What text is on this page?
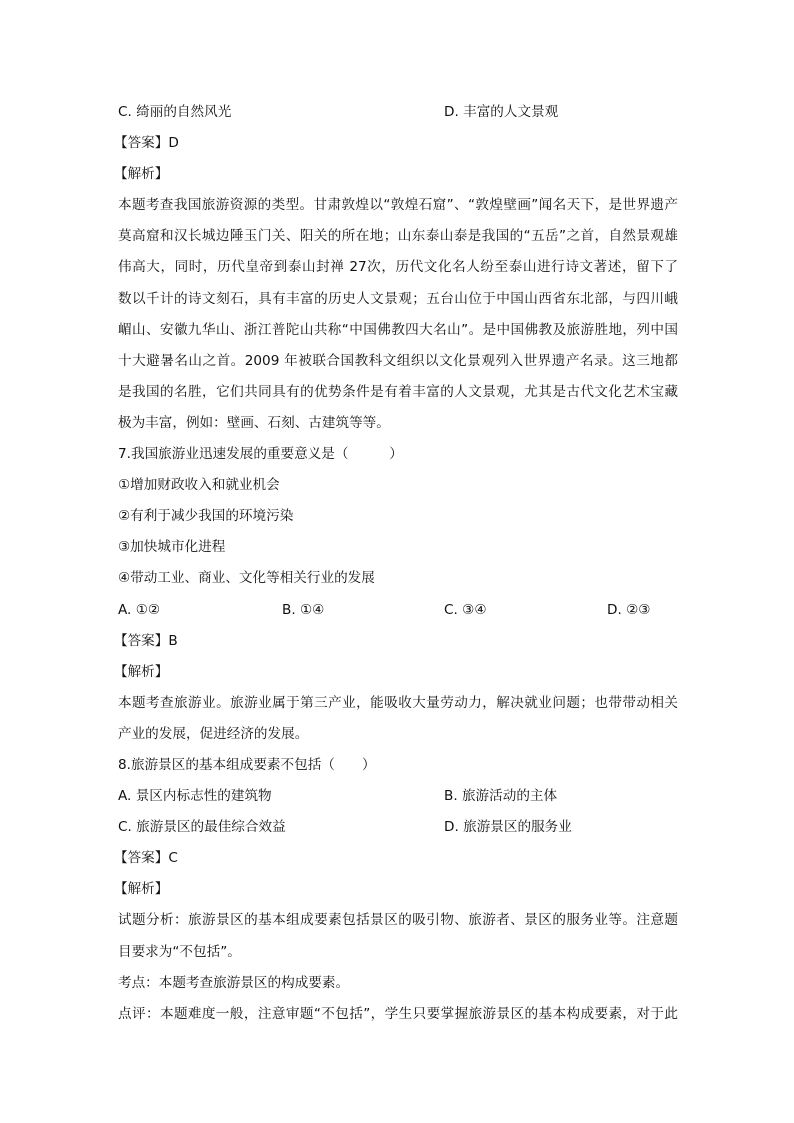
C. 绮丽的自然风光	D. 丰富的人文景观
【答案】D
【解析】
本题考查我国旅游资源的类型。甘肃敦煌以“敦煌石窟”、“敦煌壁画”闻名天下，是世界遗产
莫高窟和汉长城边陲玉门关、阳关的所在地；山东泰山泰是我国的“五岳”之首，自然景观雄
伟高大，同时，历代皇帝到泰山封禅 27次，历代文化名人纷至泰山进行诗文著述，留下了
数以千计的诗文刻石，具有丰富的历史人文景观；五台山位于中国山西省东北部，与四川峨
嵋山、安徽九华山、浙江普陀山共称“中国佛教四大名山”。是中国佛教及旅游胜地，列中国
十大避暑名山之首。2009 年被联合国教科文组织以文化景观列入世界遗产名录。这三地都
是我国的名胜，它们共同具有的优势条件是有着丰富的人文景观，尤其是古代文化艺术宝藏
极为丰富，例如：壁画、石刻、古建筑等等。
7.我国旅游业迅速发展的重要意义是（　　　）
①增加财政收入和就业机会
②有利于减少我国的环境污染
③加快城市化进程
④带动工业、商业、文化等相关行业的发展
A. ①②	B. ①④	C. ③④	D. ②③
【答案】B
【解析】
本题考查旅游业。旅游业属于第三产业，能吸收大量劳动力，解决就业问题；也带带动相关
产业的发展，促进经济的发展。
8.旅游景区的基本组成要素不包括（　　）
A. 景区内标志性的建筑物	B. 旅游活动的主体
C. 旅游景区的最佳综合效益	D. 旅游景区的服务业
【答案】C
【解析】
试题分析：旅游景区的基本组成要素包括景区的吸引物、旅游者、景区的服务业等。注意题
目要求为“不包括”。
考点：本题考查旅游景区的构成要素。
点评：本题难度一般，注意审题“不包括”，学生只要掌握旅游景区的基本构成要素，对于此
